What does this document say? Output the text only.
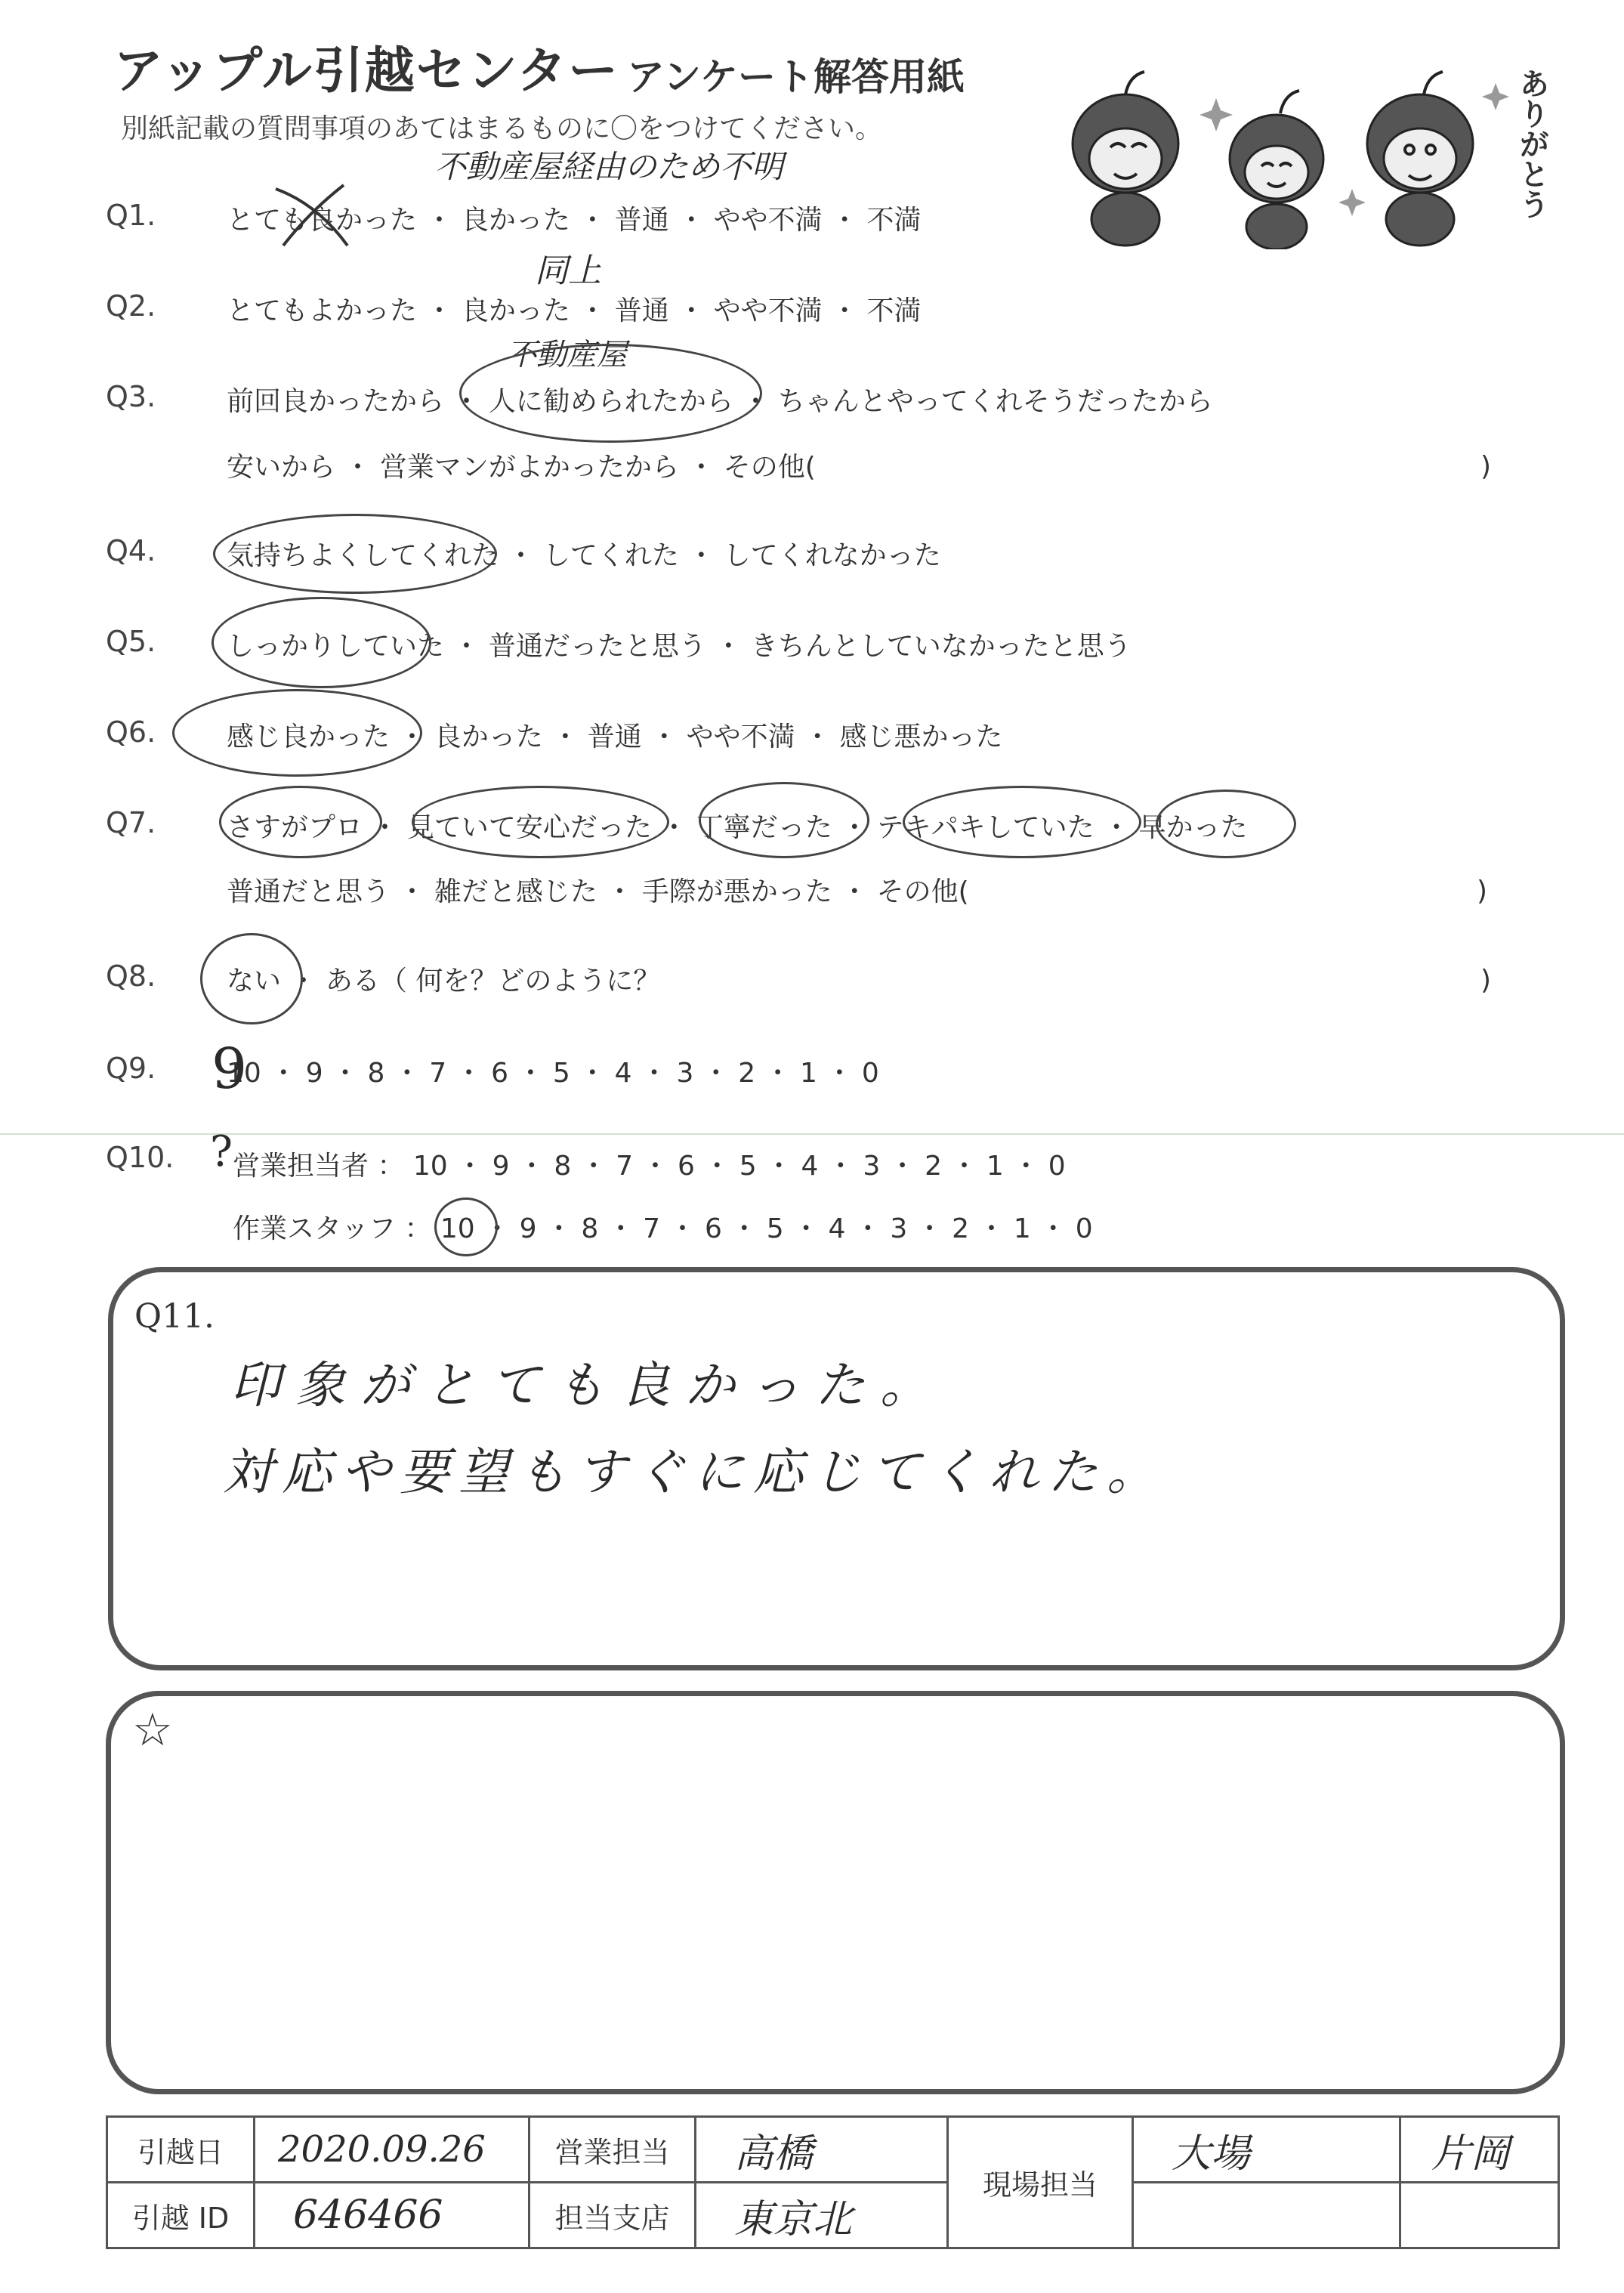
アップル引越センター アンケート解答用紙
別紙記載の質問事項のあてはまるものに〇をつけてください。	ありがとう
Q1.	とても良かった ・ 良かった ・ 普通 ・ やや不満 ・ 不満
不動産屋経由のため不明
Q2.	とてもよかった ・ 良かった ・ 普通 ・ やや不満 ・ 不満
同上
Q3.	前回良かったから ・ 人に勧められたから ・ ちゃんとやってくれそうだったから
安いから ・ 営業マンがよかったから ・ その他(	)
不動産屋
Q4.	気持ちよくしてくれた ・ してくれた ・ してくれなかった
Q5.	しっかりしていた ・ 普通だったと思う ・ きちんとしていなかったと思う
Q6.	感じ良かった ・ 良かった ・ 普通 ・ やや不満 ・ 感じ悪かった
Q7.	さすがプロ ・ 見ていて安心だった ・ 丁寧だった ・ テキパキしていた ・ 早かった
普通だと思う ・ 雑だと感じた ・ 手際が悪かった ・ その他(	)
Q8.	ない ・ ある（ 何を？どのように？	)
Q9.	10 ・ 9 ・ 8 ・ 7 ・ 6 ・ 5 ・ 4 ・ 3 ・ 2 ・ 1 ・ 0
9
Q10. ? 営業担当者 ： 10 ・ 9 ・ 8 ・ 7 ・ 6 ・ 5 ・ 4 ・ 3 ・ 2 ・ 1 ・ 0
作業スタッフ ： 10 ・ 9 ・ 8 ・ 7 ・ 6 ・ 5 ・ 4 ・ 3 ・ 2 ・ 1 ・ 0
Q11.
印象がとても良かった。
対応や要望もすぐに応じてくれた。
☆
引越日	2020.09.26	営業担当	高橋	現場担当	大場	片岡
引越 ID	646466	担当支店	東京北			
